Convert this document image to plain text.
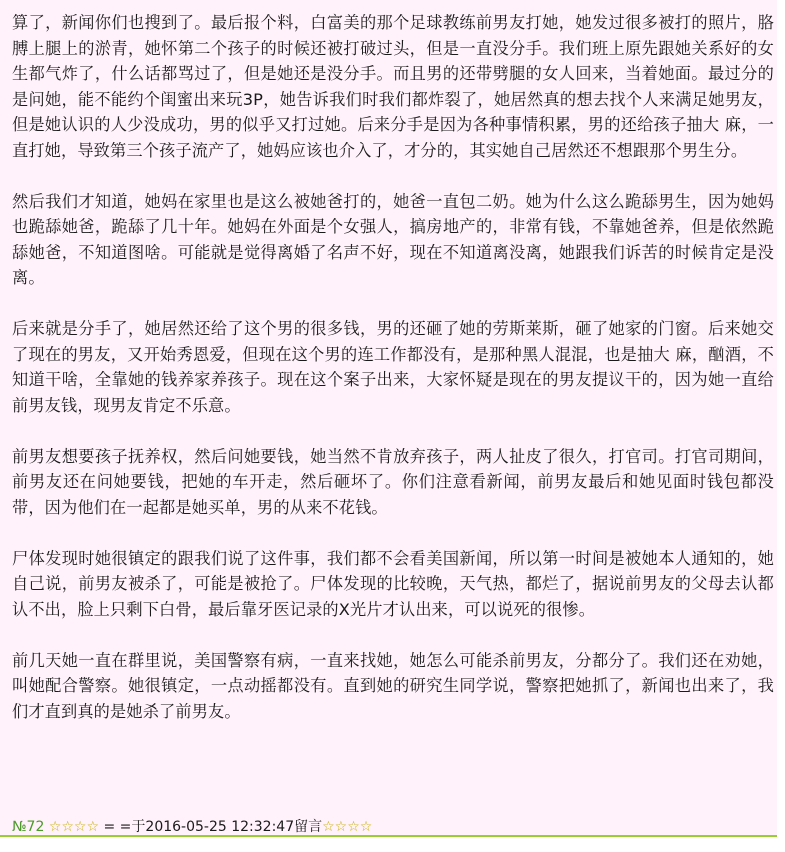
算了，新闻你们也搜到了。最后报个料，白富美的那个足球教练前男友打她，她发过很多被打的照片，胳膊上腿上的淤青，她怀第二个孩子的时候还被打破过头，但是一直没分手。我们班上原先跟她关系好的女生都气炸了，什么话都骂过了，但是她还是没分手。而且男的还带劈腿的女人回来，当着她面。最过分的是问她，能不能约个闺蜜出来玩3P，她告诉我们时我们都炸裂了，她居然真的想去找个人来满足她男友，但是她认识的人少没成功，男的似乎又打过她。后来分手是因为各种事情积累，男的还给孩子抽大 麻，一直打她，导致第三个孩子流产了，她妈应该也介入了，才分的，其实她自己居然还不想跟那个男生分。

然后我们才知道，她妈在家里也是这么被她爸打的，她爸一直包二奶。她为什么这么跪舔男生，因为她妈也跪舔她爸，跪舔了几十年。她妈在外面是个女强人，搞房地产的，非常有钱，不靠她爸养，但是依然跪舔她爸，不知道图啥。可能就是觉得离婚了名声不好，现在不知道离没离，她跟我们诉苦的时候肯定是没离。

后来就是分手了，她居然还给了这个男的很多钱，男的还砸了她的劳斯莱斯，砸了她家的门窗。后来她交了现在的男友，又开始秀恩爱，但现在这个男的连工作都没有，是那种黑人混混，也是抽大 麻，酗酒，不知道干啥，全靠她的钱养家养孩子。现在这个案子出来，大家怀疑是现在的男友提议干的，因为她一直给前男友钱，现男友肯定不乐意。

前男友想要孩子抚养权，然后问她要钱，她当然不肯放弃孩子，两人扯皮了很久，打官司。打官司期间，前男友还在问她要钱，把她的车开走，然后砸坏了。你们注意看新闻，前男友最后和她见面时钱包都没带，因为他们在一起都是她买单，男的从来不花钱。

尸体发现时她很镇定的跟我们说了这件事，我们都不会看美国新闻，所以第一时间是被她本人通知的，她自己说，前男友被杀了，可能是被抢了。尸体发现的比较晚，天气热，都烂了，据说前男友的父母去认都认不出，脸上只剩下白骨，最后靠牙医记录的X光片才认出来，可以说死的很惨。

前几天她一直在群里说，美国警察有病，一直来找她，她怎么可能杀前男友，分都分了。我们还在劝她，叫她配合警察。她很镇定，一点动摇都没有。直到她的研究生同学说，警察把她抓了，新闻也出来了，我们才直到真的是她杀了前男友。

№72 ☆☆☆☆ = =于2016-05-25 12:32:47留言☆☆☆☆
